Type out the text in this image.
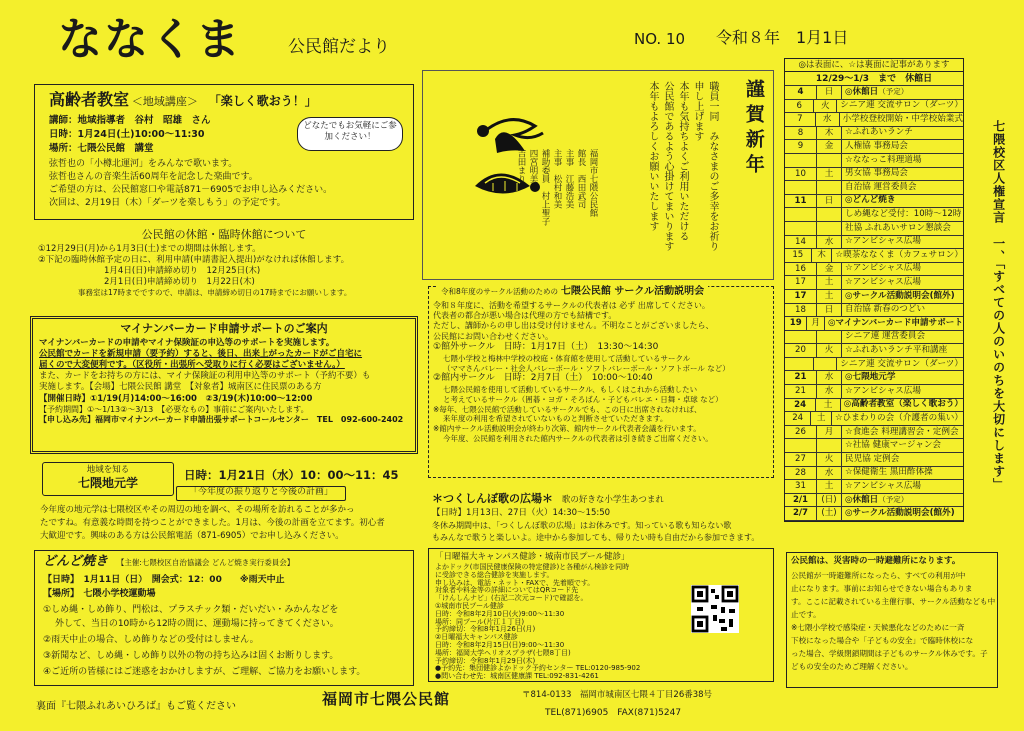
ななくま	公民館だより	NO. 10 令和８年　1月1日
高齢者教室 ＜地域講座＞ 「楽しく歌おう！」
講師：地域指導者　谷村　昭雄　さん
日時：1月24日(土)10:00～11:30
場所：七隈公民館　講堂
どなたでもお気軽にご参加ください！
弦哲也の「小樽北運河」をみんなで歌います。
弦哲也さんの音楽生活60周年を記念した楽曲です。
ご希望の方は、公民館窓口や電話871－6905でお申し込みください。
次回は、2月19日（木）「ダーツを楽しもう」の予定です。
公民館の休館・臨時休館について
①12月29日(月)から1月3日(土)までの期間は休館します。
②下記の臨時休館予定の日に、利用申請(申請書記入提出)がなければ休館します。
1月4日(日)申請締め切り　12月25日(木)
2月1日(日)申請締め切り　1月22日(木)
事務室は17時までですので、申請は、申請締め切日の17時までにお願いします。
マイナンバーカード申請サポートのご案内
マイナンバーカードの申請やマイナ保険証の申込等のサポートを実施します。
公民館でカードを新規申請（要予約）すると、後日、出来上がったカードがご自宅に
届くので大変便利です。（区役所・出張所へ受取りに行く必要はございません。）
また、カードをお持ちの方には、マイナ保険証の利用申込等のサポート（予約不要）も
実施します。【会場】七隈公民館 講堂　【対象者】城南区に住民票のある方
【開催日時】①1/19(月)14:00～16:00　②3/19(木)10:00～12:00
【予約期間】①～1/13②～3/13　【必要なもの】事前にご案内いたします。
【申し込み先】福岡市マイナンバーカード申請出張サポートコールセンター　TEL　092-600-2402
地域を知る
七隈地元学
日時：1月21日（水）10：00～11：45
「今年度の振り返りと今後の計画」
今年度の地元学は七隈校区やその周辺の地を調べ、その場所を訪れることが多かっ
たですね。有意義な時間を持つことができました。1月は、今後の計画を立てます。初心者
大歓迎です。興味のある方は公民館電話（871-6905）でお申し込みください。
どんど焼き 【主催:七隈校区自治協議会 どんど焼き実行委員会】
【日時】　1月11日（日）　開会式：12：00　　※雨天中止
【場所】　七隈小学校運動場
①しめ縄・しめ飾り、門松は、プラスチック類・だいだい・みかんなどを
外して、当日の10時から12時の間に、運動場に持ってきてください。
②雨天中止の場合、しめ飾りなどの受付はしません。
③新聞など、しめ縄・しめ飾り以外の物の持ち込みは固くお断りします。
④ご近所の皆様にはご迷惑をおかけしますが、ご理解、ご協力をお願いします。
裏面『七隈ふれあいひろば』もご覧ください	福岡市七隈公民館	〒814-0133　福岡市城南区七隈４丁目26番38号
TEL(871)6905　FAX(871)5247
謹賀新年
職員一同　みなさまのご多幸をお祈り
申し上げます
本年も気持ちよくご利用いただける
公民館であるよう心掛けてまいります
本年もよろしくお願いいたします
福岡市七隈公民館
館長　西田武司
主事　江藤浩美
主事　松村和美
補助委員　村上聖子
四宮明美
吉田まり
令和8年度のサークル活動のための 七隈公民館 サークル活動説明会
令和８年度に、活動を希望するサークルの代表者は 必ず 出席してください。
代表者の都合が悪い場合は代理の方でも結構です。
ただし、講師からの申し出は受け付けません。不明なことがございましたら、
公民館にお問い合わせください。
①館外サークル　日時：1月17日（土）　13:30～14:30
七隈小学校と梅林中学校の校庭・体育館を使用して活動しているサークル
（ママさんバレー・社会人バレーボール・ソフトバレーボール・ソフトボール など）
②館内サークル　日時：2月7日（土）　10:00～10:40
七隈公民館を使用して活動しているサークル、もしくはこれから活動したい
と考えているサークル（囲碁・ヨガ・そろばん・子どもバレエ・日舞・卓球 など）
※毎年、七隈公民館で活動しているサークルでも、この日に出席されなければ、
来年度の利用を希望されていないものと判断させていただきます。
※館内サークル活動説明会が終わり次第、館内サークル代表者会議を行います。
今年度、公民館を利用された館内サークルの代表者は引き続きご出席ください。
＊つくしんぼ歌の広場＊ 歌の好きな小学生あつまれ
【日時】1月13日、27日（火）14:30～15:50
冬休み期間中は、「つくしんぼ歌の広場」はお休みです。知っている歌も知らない歌
もみんなで歌うと楽しいよ。途中から参加しても、帰りたい時も自由だから参加できます。
「日曜福大キャンパス健診・城南市民プール健診」
よかドック(市国民健康保険の特定健診)と各種がん検診を同時
に受診できる総合健診を実施します。
申し込みは、電話・ネット・FAXで、先着順です。
対象者や料金等の詳細についてはQRコード先
「けんしんナビ」(右記二次元コード)で確認を。
①城南市民プール健診
日時：令和8年2月10日(火)9:00～11:30
場所：同プール(片江１丁目)
予約締切：令和8年1月26日(月)
②日曜福大キャンパス健診
日時：令和8年2月15日(日)9:00～11:30
場所：福岡大学ヘリオスプラザ(七隈8丁目)
予約締切：令和8年1月29日(木)
●予約先：集団健診よかドック予約センター TEL:0120-985-902
●問い合わせ先：城南区健康課 TEL:092-831-4261
◎は表面に、☆は裏面に記事があります
12/29～1/3　まで　休館日
4	日	◎休館日（予定）
6	火	シニア連 交流サロン（ダーツ）
7	水	小学校登校開始・中学校始業式
8	木	☆ふれあいランチ
9	金	人権協 事務局会
☆ななっこ料理道場
10	土	男女協 事務局会
自治協 運営委員会
11	日	◎どんど焼き
しめ縄など受付：10時～12時
社協 ふれあいサロン懇談会
14	水	☆アンビシャス広場
15	木	☆喫茶ななくま（カフェサロン）
16	金	☆アンビシャス広場
17	土	☆アンビシャス広場
17	土	◎サークル活動説明会(館外)
18	日	自治協 新春のつどい
19	月 ◎マイナンバーカード申請サポート
シニア連 運営委員会
20	火	☆ふれあいランチ平和講座
シニア連 交流サロン（ダーツ）
21	水	◎七隈地元学
21	水	☆アンビシャス広場
24	土	◎高齢者教室（楽しく歌おう）
24	土	☆ひまわりの会（介護者の集い）
26	月	☆食進会 料理講習会・定例会
☆社協 健康マージャン会
27	火	民児協 定例会
28	水	☆保健衛生 黒田酢体操
31	土	☆アンビシャス広場
2/1	(日) ◎休館日（予定）
2/7	(土) ◎サークル活動説明会(館外)
七隈校区人権宣言　一、「すべての人のいのちを大切にします」
公民館は、災害時の一時避難所になります。
公民館が一時避難所になったら、すべての利用が中
止になります。事前にお知らせできない場合もありま
す。ここに記載されている主催行事、サークル活動なども中
止です。
※七隈小学校で感染症・天候悪化などのために一斉
下校になった場合や「子どもの安全」で臨時休校にな
った場合、学級閉鎖期間は子どものサークル休みです。子
どもの安全のためご理解ください。
